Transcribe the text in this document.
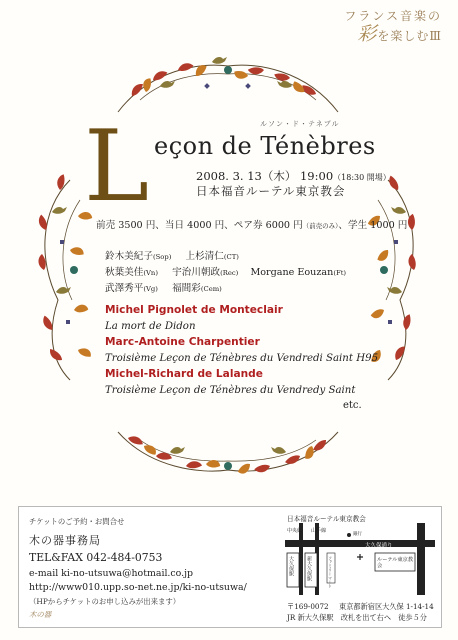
フランス音楽の
彩を楽しむⅢ
L	ルソン・ド・テネブル
eçon de Ténèbres
2008. 3. 13（木） 19:00（18:30 開場）
日本福音ルーテル東京教会
前売 3500 円、当日 4000 円、ペア券 6000 円（前売のみ）、学生 1000 円
鈴木美紀子(Sop) 上杉清仁(CT)
秋葉美佳(Vn) 宇治川朝政(Rec) Morgane Eouzan(Ft)
武澤秀平(Vg) 福間彩(Cem)
Michel Pignolet de Monteclair
La mort de Didon
Marc-Antoine Charpentier
Troisième Leçon de Ténèbres du Vendredi Saint H95
Michel-Richard de Lalande
Troisième Leçon de Ténèbres du Vendredy Saint
etc.
チケットのご予約・お問合せ
木の器事務局
TEL&FAX 042-484-0753
e-mail ki-no-utsuwa@hotmail.co.jp
http://www010.upp.so-net.ne.jp/ki-no-utsuwa/
（HPからチケットのお申し込みが出来ます）
木の器
日本福音ルーテル東京教会
中央線 山手線
大久保通り
大久保駅 新大久保駅	ファミリーマート
銀行
ルーテル東京教会	明治通り
〒169-0072 東京都新宿区大久保 1-14-14
JR 新大久保駅　改札を出て右へ　徒歩５分
